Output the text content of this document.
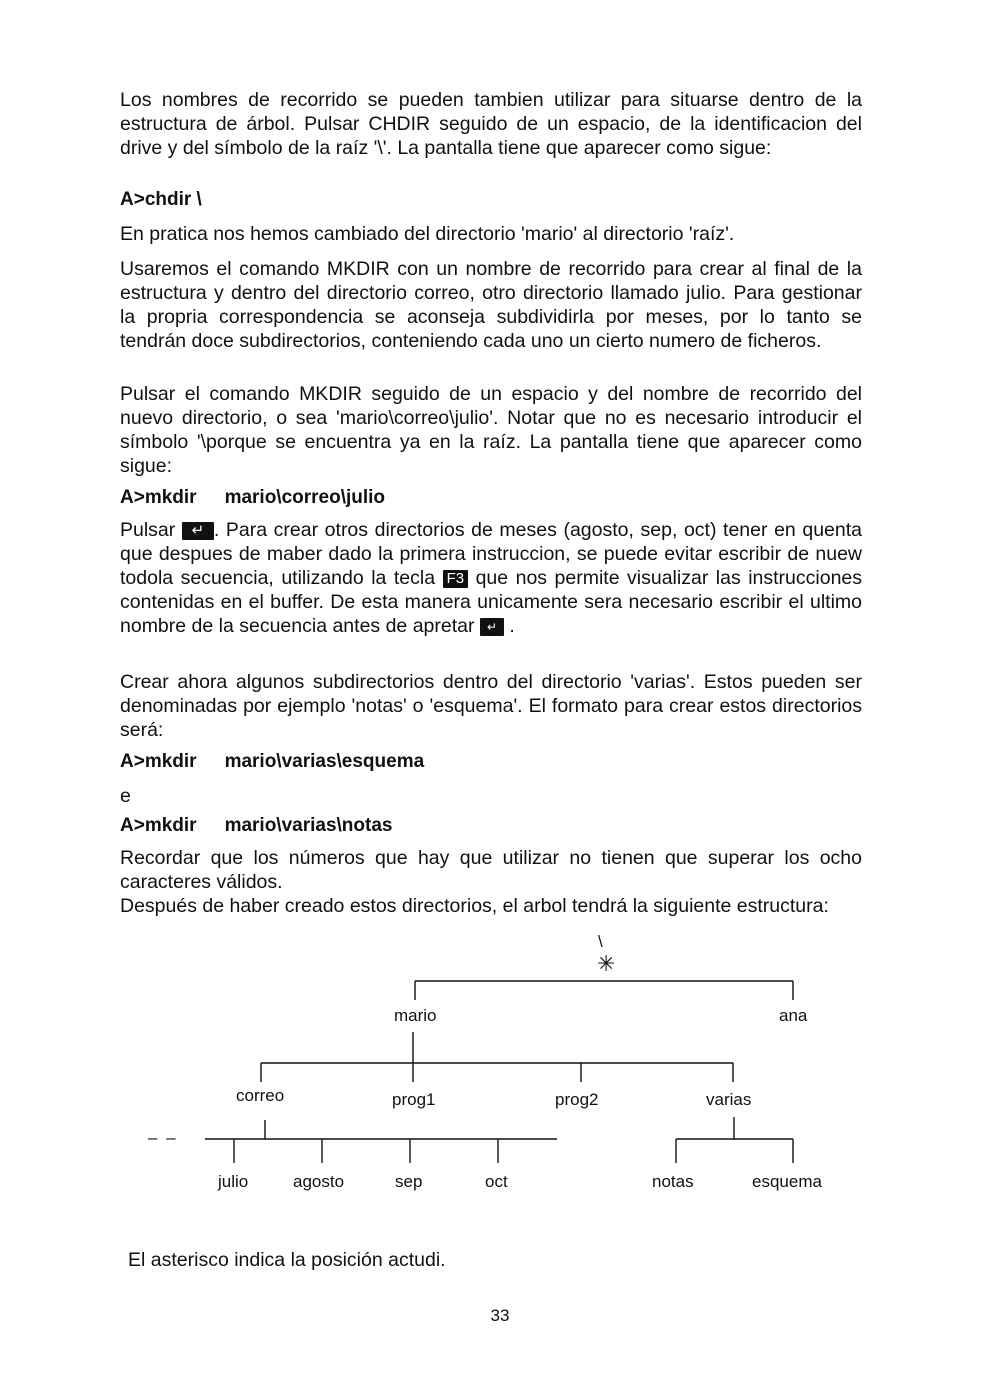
Los nombres de recorrido se pueden tambien utilizar para situarse dentro de la estructura de árbol. Pulsar CHDIR seguido de un espacio, de la identificacion del drive y del símbolo de la raíz '\'. La pantalla tiene que aparecer como sigue:
A>chdir \
En pratica nos hemos cambiado del directorio 'mario' al directorio 'raíz'.
Usaremos el comando MKDIR con un nombre de recorrido para crear al final de la estructura y dentro del directorio correo, otro directorio llamado julio. Para gestionar la propria correspondencia se aconseja subdividirla por meses, por lo tanto se tendrán doce subdirectorios, conteniendo cada uno un cierto numero de ficheros.
Pulsar el comando MKDIR seguido de un espacio y del nombre de recorrido del nuevo directorio, o sea 'mario\correo\julio'. Notar que no es necesario introducir el símbolo '\porque se encuentra ya en la raíz. La pantalla tiene que aparecer como sigue:
A>mkdir mario\correo\julio
Pulsar ↵ . Para crear otros directorios de meses (agosto, sep, oct) tener en quenta que despues de maber dado la primera instruccion, se puede evitar escribir de nuew todola secuencia, utilizando la tecla F3 que nos permite visualizar las instrucciones contenidas en el buffer. De esta manera unicamente sera necesario escribir el ultimo nombre de la secuencia antes de apretar ↵ .
Crear ahora algunos subdirectorios dentro del directorio 'varias'. Estos pueden ser denominadas por ejemplo 'notas' o 'esquema'. El formato para crear estos directorios será:
A>mkdir mario\varias\esquema
e
A>mkdir mario\varias\notas
Recordar que los números que hay que utilizar no tienen que superar los ocho caracteres válidos.
Después de haber creado estos directorios, el arbol tendrá la siguiente estructura:
\
✳
mario	ana
correo	prog1	prog2	varias
– –
julio	agosto	sep	oct	notas	esquema
El asterisco indica la posición actudi.
33
